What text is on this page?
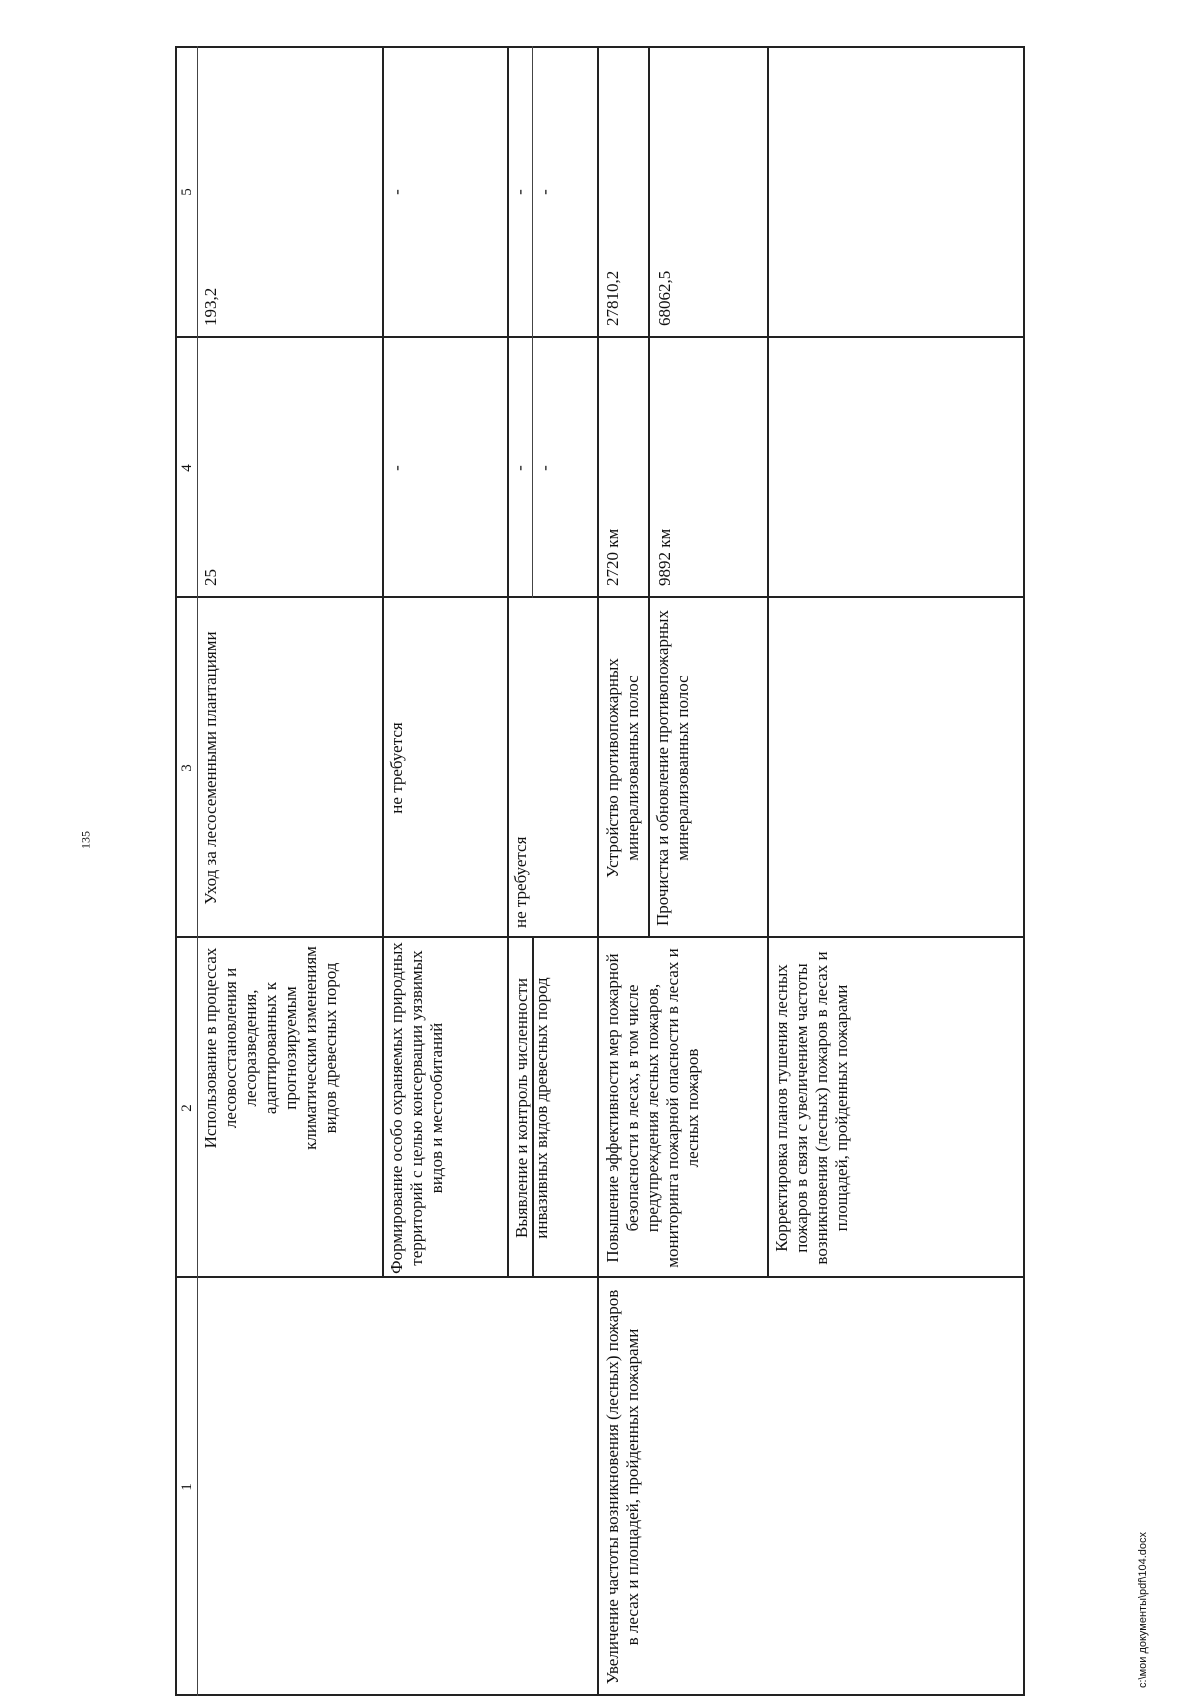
135
c:\мои документы\pdf\104.docx
1
2
3
4
5
Использование в процессах лесовосстановления и лесоразведения, адаптированных к прогнозируемым климатическим изменениям видов древесных пород
Уход за лесосеменными плантациями
25
193,2
Формирование особо охраняемых природных территорий с целью консервации уязвимых видов и местообитаний
не требуется
-
-
Выявление и контроль численности инвазивных видов древесных пород
не требуется
- -
- -
Увеличение частоты возникновения (лесных) пожаров в лесах и площадей, пройденных пожарами
Повышение эффективности мер пожарной безопасности в лесах, в том числе предупреждения лесных пожаров, мониторинга пожарной опасности в лесах и лесных пожаров
Устройство противопожарных минерализованных полос Прочистка и обновление противопожарных минерализованных полос
2720 км 9892 км
27810,2 68062,5
Корректировка планов тушения лесных пожаров в связи с увеличением частоты возникновения (лесных) пожаров в лесах и площадей, пройденных пожарами
